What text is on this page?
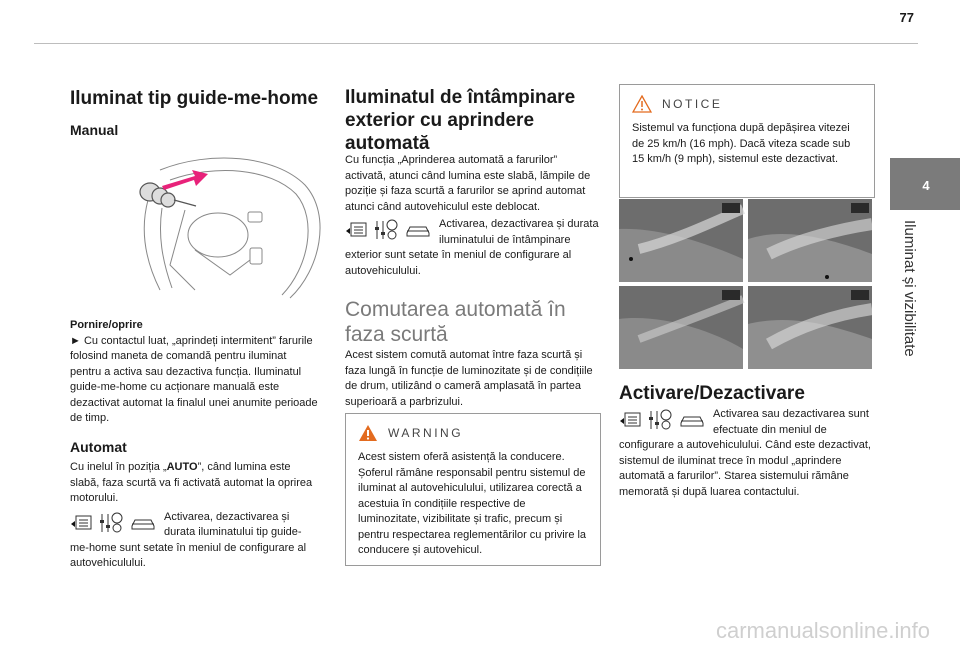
77
4
Iluminat și vizibilitate
Iluminat tip guide-me-home
Manual

Pornire/oprire

► Cu contactul luat, „aprindeți intermitent” farurile folosind maneta de comandă pentru iluminat pentru a activa sau dezactiva funcția. Iluminatul guide-me-home cu acționare manuală este dezactivat automat la finalul unei anumite perioade de timp.

Automat

Cu inelul în poziția „AUTO”, când lumina este slabă, faza scurtă va fi activată automat la oprirea motorului.

Activarea, dezactivarea și durata iluminatului tip guide-me-home sunt setate în meniul de configurare al autovehiculului.

Iluminatul de întâmpinare exterior cu aprindere automată

Cu funcția „Aprinderea automată a farurilor” activată, atunci când lumina este slabă, lămpile de poziție și faza scurtă a farurilor se aprind automat atunci când autovehiculul este deblocat.

Activarea, dezactivarea și durata iluminatului de întâmpinare exterior sunt setate în meniul de configurare al autovehiculului.

Comutarea automată în faza scurtă

Acest sistem comută automat între faza scurtă și faza lungă în funcție de luminozitate și de condițiile de drum, utilizând o cameră amplasată în partea superioară a parbrizului.

WARNING

Acest sistem oferă asistență la conducere. Șoferul rămâne responsabil pentru sistemul de iluminat al autovehiculului, utilizarea corectă a acestuia în condițiile respective de luminozitate, vizibilitate și trafic, precum și pentru respectarea reglementărilor cu privire la conducere și autovehicul.

NOTICE

Sistemul va funcționa după depășirea vitezei de 25 km/h (16 mph). Dacă viteza scade sub 15 km/h (9 mph), sistemul este dezactivat.

Activare/Dezactivare

Activarea sau dezactivarea sunt efectuate din meniul de configurare a autovehiculului. Când este dezactivat, sistemul de iluminat trece în modul „aprindere automată a farurilor”. Starea sistemului rămâne memorată și după luarea contactului.

carmanualsonline.info
